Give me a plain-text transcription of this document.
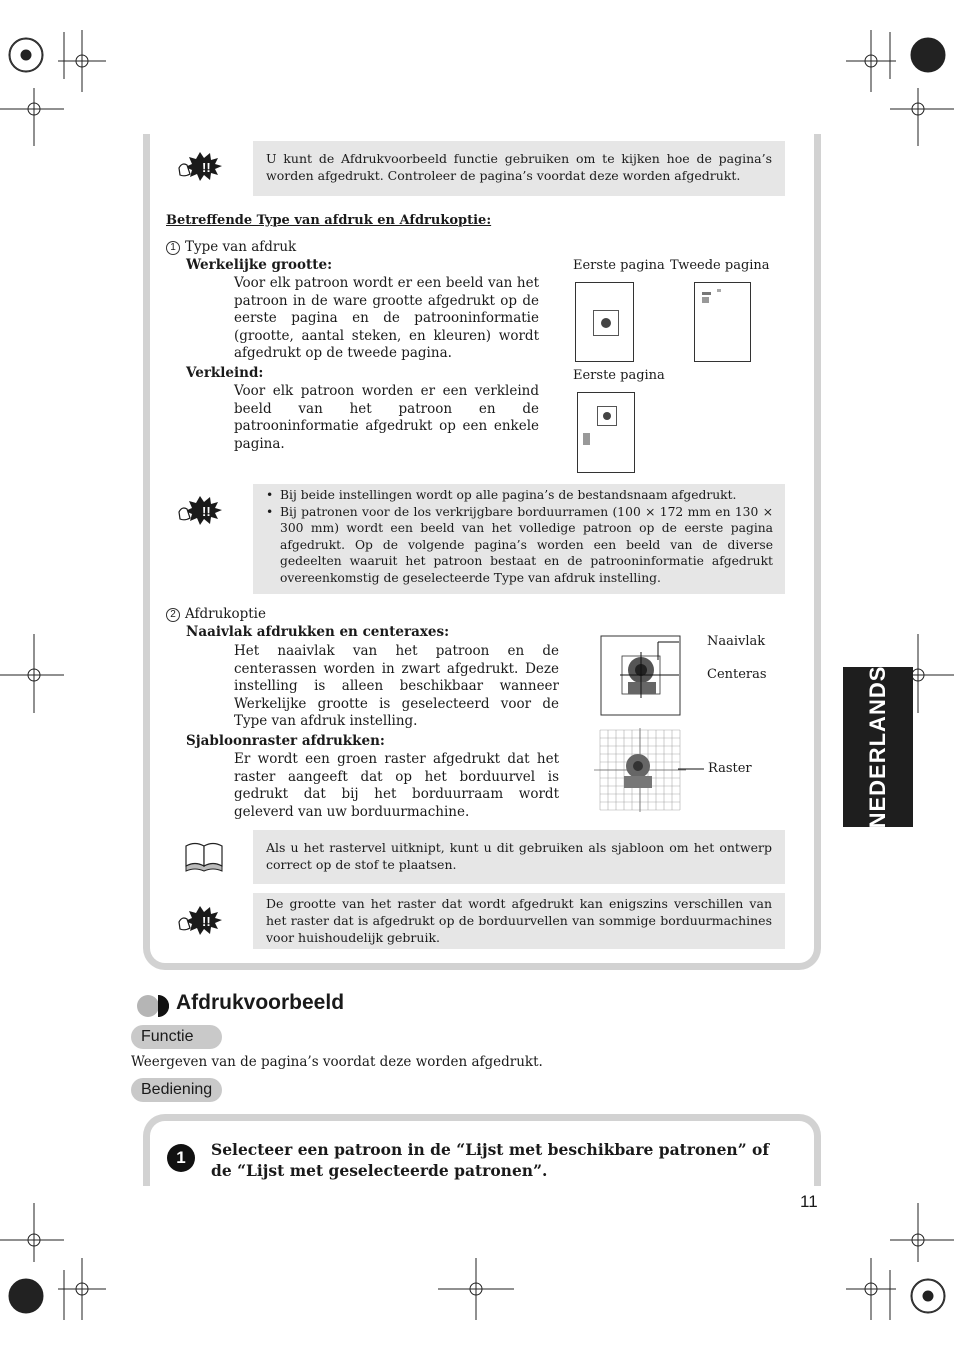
!!
U kunt de Afdrukvoorbeeld functie gebruiken om te kijken hoe de pagina’s worden afgedrukt. Controleer de pagina’s voordat deze worden afgedrukt.
Betreffende Type van afdruk en Afdrukoptie:
1 Type van afdruk
Werkelijke grootte:
Voor elk patroon wordt er een beeld van het patroon in de ware grootte afgedrukt op de eerste pagina en de patrooninformatie (grootte, aantal steken, en kleuren) wordt afgedrukt op de tweede pagina.
Verkleind:
Voor elk patroon worden er een verkleind beeld van het patroon en de patrooninformatie afgedrukt op een enkele pagina.
Eerste pagina Tweede pagina
Eerste pagina
!!
• Bij beide instellingen wordt op alle pagina’s de bestandsnaam afgedrukt.
• Bij patronen voor de los verkrijgbare borduurramen (100 × 172 mm en 130 × 300 mm) wordt een beeld van het volledige patroon op de eerste pagina afgedrukt. Op de volgende pagina’s worden een beeld van de diverse gedeelten waaruit het patroon bestaat en de patrooninformatie afgedrukt overeenkomstig de geselecteerde Type van afdruk instelling.
2 Afdrukoptie
Naaivlak afdrukken en centeraxes:
Het naaivlak van het patroon en de centerassen worden in zwart afgedrukt. Deze instelling is alleen beschikbaar wanneer Werkelijke grootte is geselecteerd voor de Type van afdruk instelling.
Sjabloonraster afdrukken:
Er wordt een groen raster afgedrukt dat het raster aangeeft dat op het borduurvel is gedrukt dat bij het borduurraam wordt geleverd van uw borduurmachine.
Naaivlak
Centeras
Raster
Als u het rastervel uitknipt, kunt u dit gebruiken als sjabloon om het ontwerp correct op de stof te plaatsen.
!!
De grootte van het raster dat wordt afgedrukt kan enigszins verschillen van het raster dat is afgedrukt op de borduurvellen van sommige borduurmachines voor huishoudelijk gebruik.
NEDERLANDS
Afdrukvoorbeeld
Functie
Weergeven van de pagina’s voordat deze worden afgedrukt.
Bediening
1	Selecteer een patroon in de “Lijst met beschikbare patronen” of de “Lijst met geselecteerde patronen”.
11
